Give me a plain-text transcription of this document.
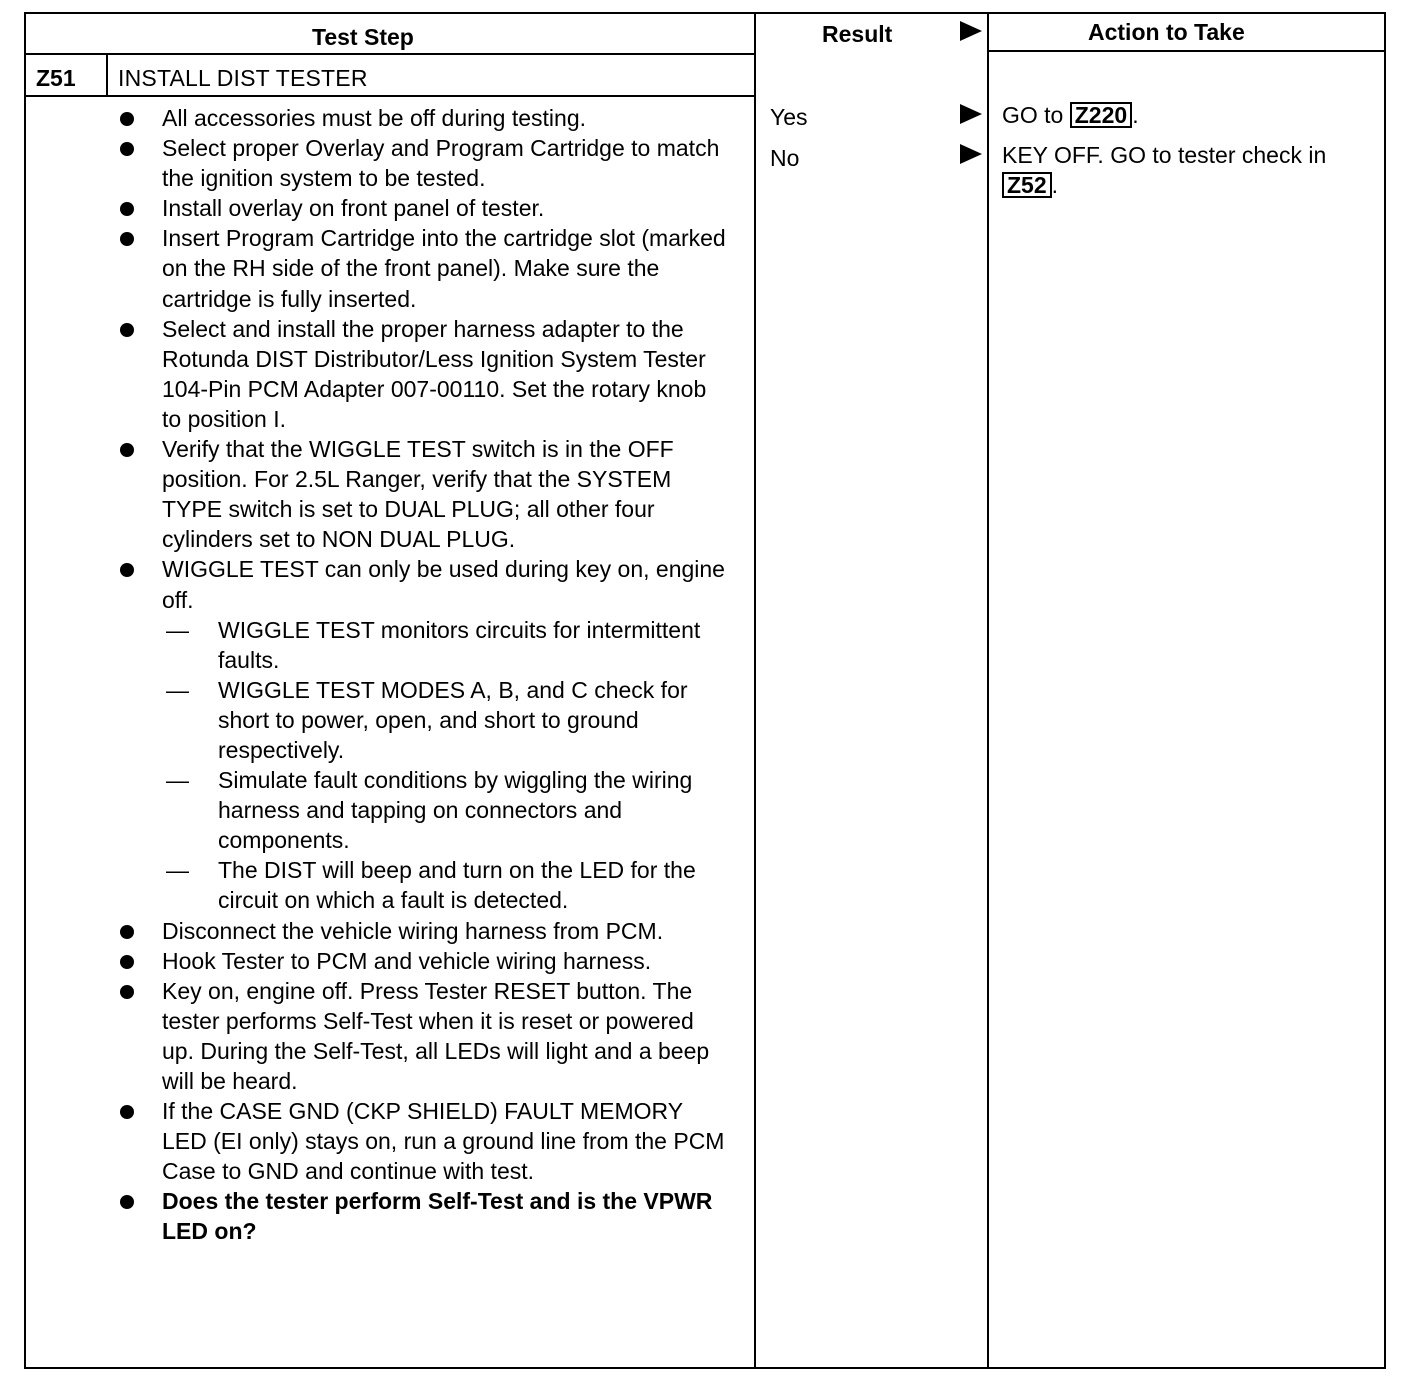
Test Step	Result	Action to Take
Z51 INSTALL DIST TESTER
All accessories must be off during testing.
Select proper Overlay and Program Cartridge to match the ignition system to be tested.
Install overlay on front panel of tester.
Insert Program Cartridge into the cartridge slot (marked on the RH side of the front panel). Make sure the cartridge is fully inserted.
Select and install the proper harness adapter to the Rotunda DIST Distributor/Less Ignition System Tester 104-Pin PCM Adapter 007-00110. Set the rotary knob to position I.
Verify that the WIGGLE TEST switch is in the OFF position. For 2.5L Ranger, verify that the SYSTEM TYPE switch is set to DUAL PLUG; all other four cylinders set to NON DUAL PLUG.
WIGGLE TEST can only be used during key on, engine off.
— WIGGLE TEST monitors circuits for intermittent faults.
— WIGGLE TEST MODES A, B, and C check for short to power, open, and short to ground respectively.
— Simulate fault conditions by wiggling the wiring harness and tapping on connectors and components.
— The DIST will beep and turn on the LED for the circuit on which a fault is detected.
Disconnect the vehicle wiring harness from PCM.
Hook Tester to PCM and vehicle wiring harness.
Key on, engine off. Press Tester RESET button. The tester performs Self-Test when it is reset or powered up. During the Self-Test, all LEDs will light and a beep will be heard.
If the CASE GND (CKP SHIELD) FAULT MEMORY LED (EI only) stays on, run a ground line from the PCM Case to GND and continue with test.
Does the tester perform Self-Test and is the VPWR LED on?
Yes
No
GO to Z220 .
KEY OFF. GO to tester check in Z52 .
